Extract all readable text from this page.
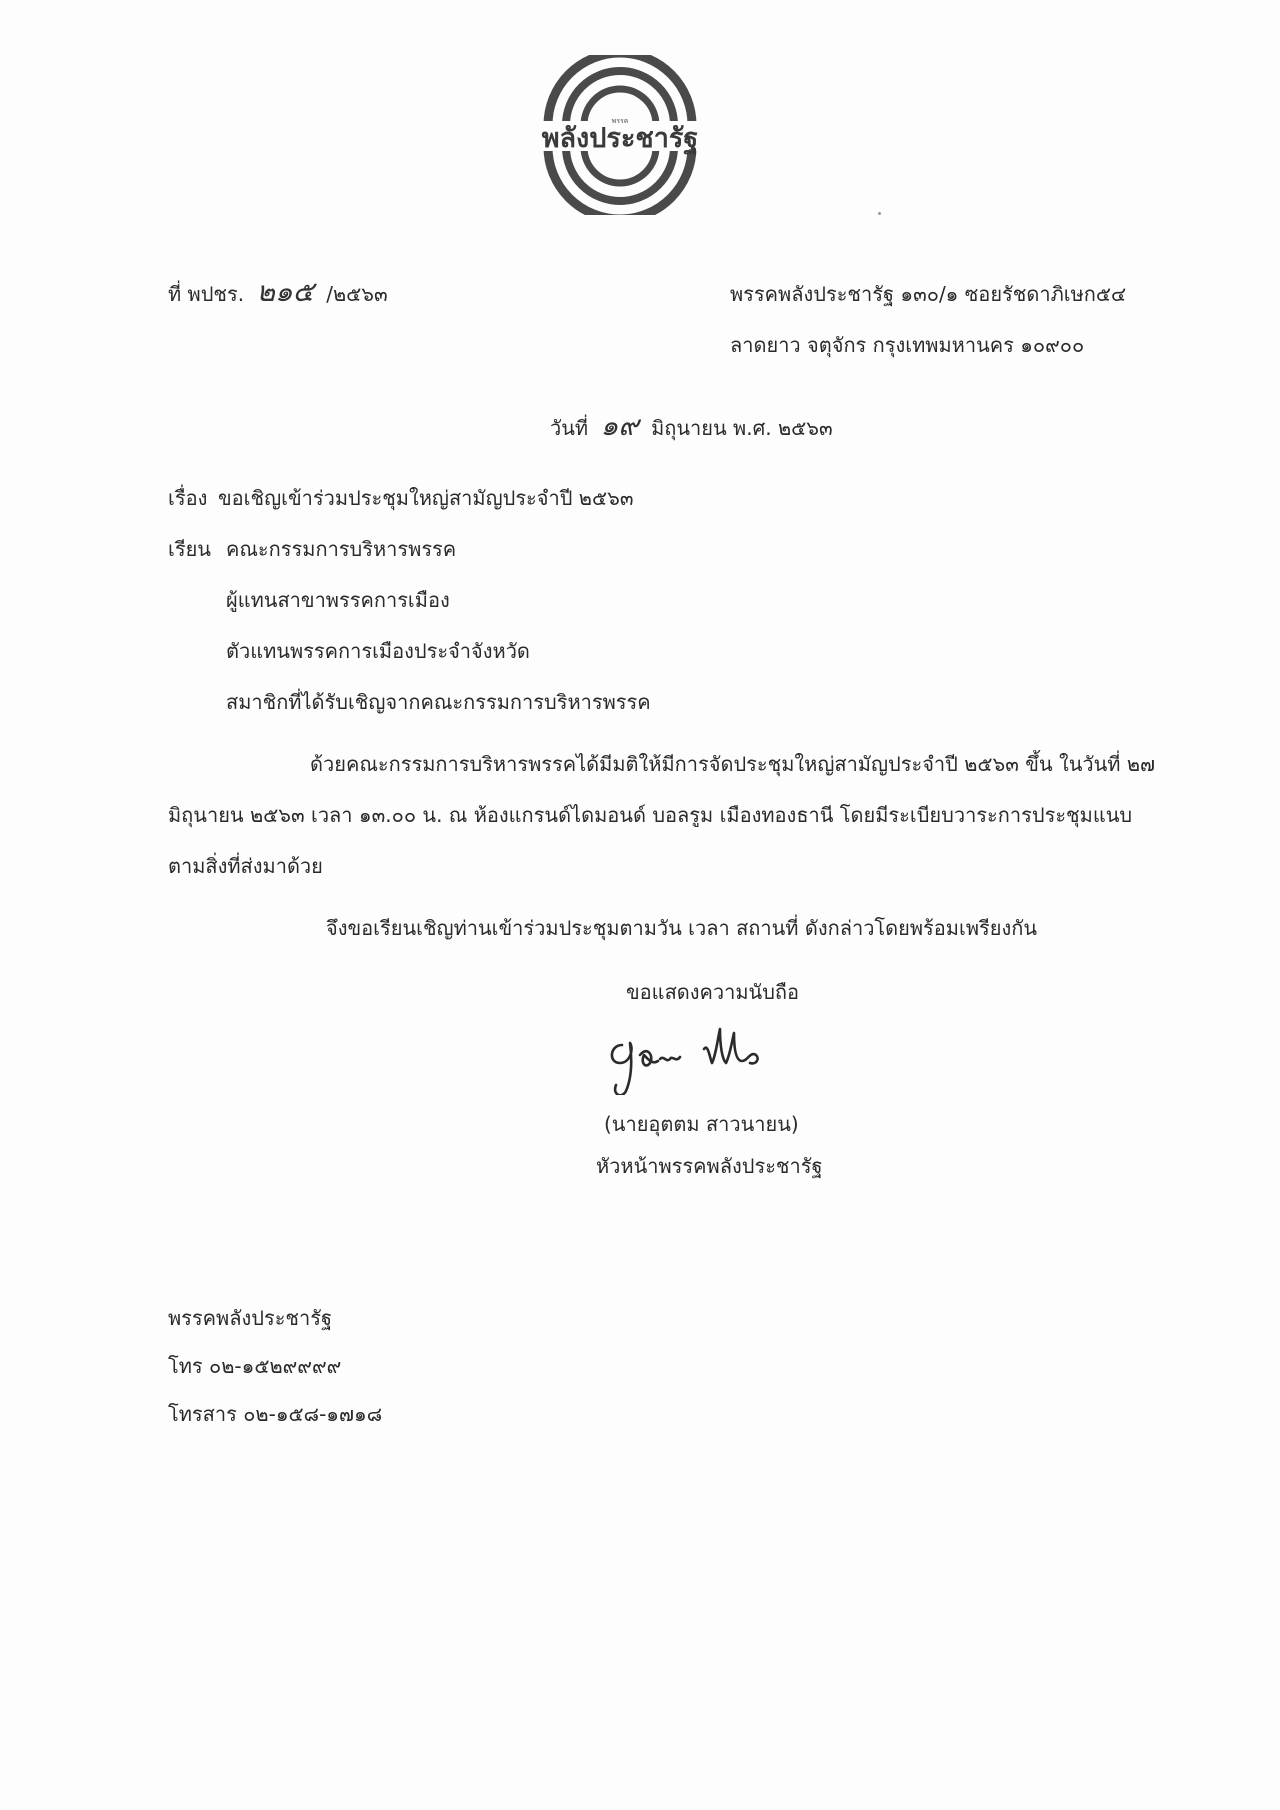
พรรค
พลังประชารัฐ
ที่ พปชร. ๒๑๕ /๒๕๖๓	พรรคพลังประชารัฐ ๑๓๐/๑ ซอยรัชดาภิเษก๕๔
ลาดยาว จตุจักร กรุงเทพมหานคร ๑๐๙๐๐
วันที่ ๑๙ มิถุนายน พ.ศ. ๒๕๖๓
เรื่อง ขอเชิญเข้าร่วมประชุมใหญ่สามัญประจำปี ๒๕๖๓
เรียน คณะกรรมการบริหารพรรค
ผู้แทนสาขาพรรคการเมือง
ตัวแทนพรรคการเมืองประจำจังหวัด
สมาชิกที่ได้รับเชิญจากคณะกรรมการบริหารพรรค
ด้วยคณะกรรมการบริหารพรรคได้มีมติให้มีการจัดประชุมใหญ่สามัญประจำปี ๒๕๖๓ ขึ้น ในวันที่ ๒๗
มิถุนายน ๒๕๖๓ เวลา ๑๓.๐๐ น. ณ ห้องแกรนด์ไดมอนด์ บอลรูม เมืองทองธานี โดยมีระเบียบวาระการประชุมแนบ
ตามสิ่งที่ส่งมาด้วย
จึงขอเรียนเชิญท่านเข้าร่วมประชุมตามวัน เวลา สถานที่ ดังกล่าวโดยพร้อมเพรียงกัน
ขอแสดงความนับถือ
(นายอุตตม สาวนายน)
หัวหน้าพรรคพลังประชารัฐ
พรรคพลังประชารัฐ
โทร ๐๒-๑๕๒๙๙๙๙
โทรสาร ๐๒-๑๕๘-๑๗๑๘
